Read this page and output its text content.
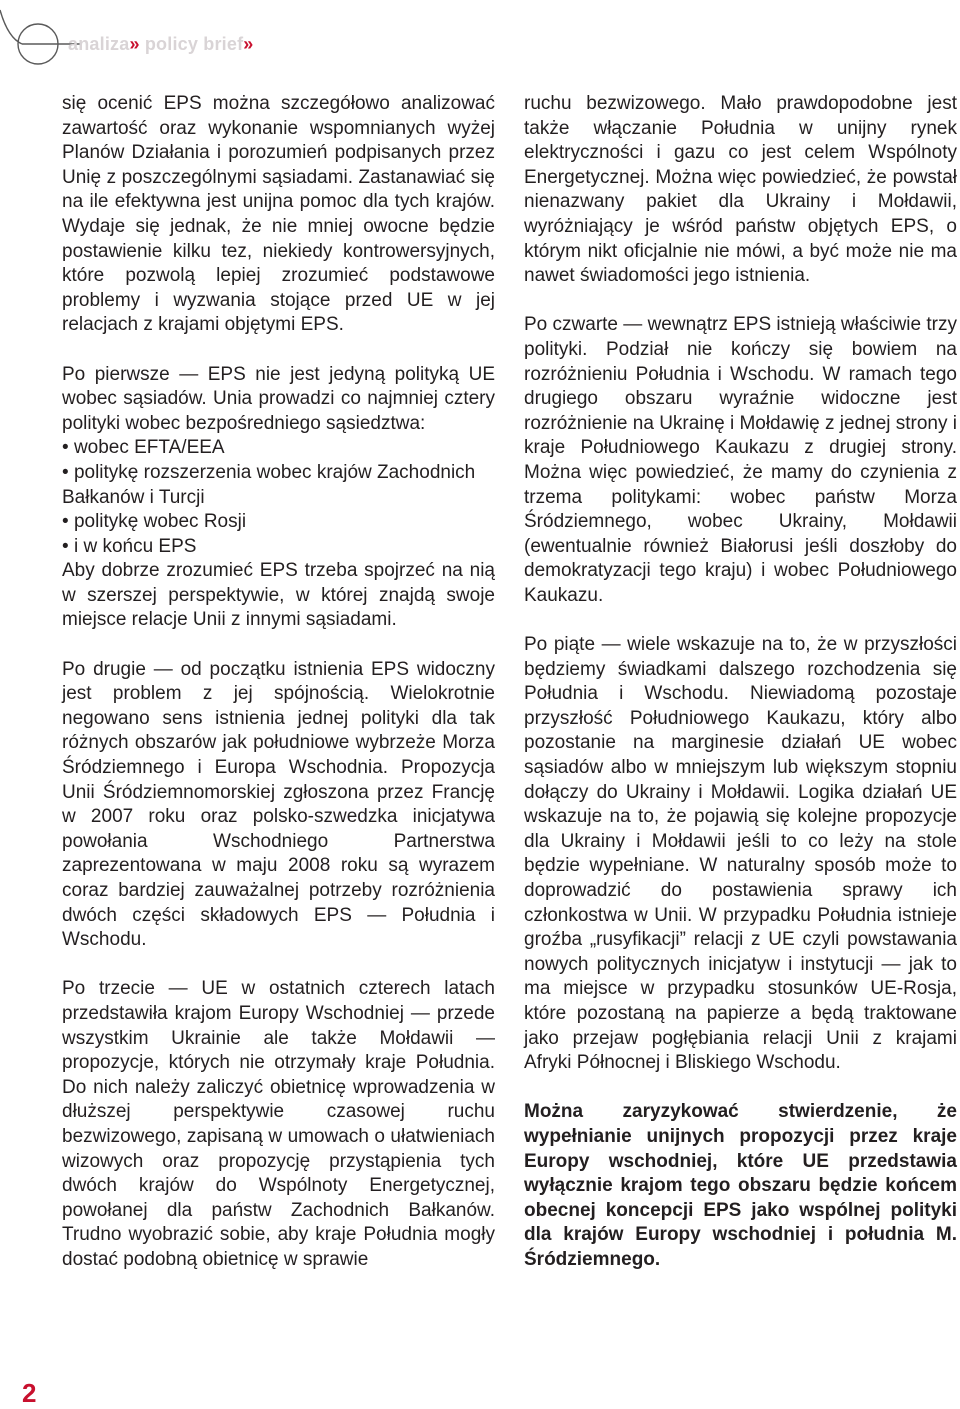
analiza» policy brief»

się ocenić EPS można szczegółowo analizować zawartość oraz wykonanie wspomnianych wyżej Planów Działania i porozumień podpisanych przez Unię z poszczególnymi sąsiadami. Zastanawiać się na ile efektywna jest unijna pomoc dla tych krajów. Wydaje się jednak, że nie mniej owocne będzie postawienie kilku tez, niekiedy kontrowersyjnych, które pozwolą lepiej zrozumieć podstawowe problemy i wyzwania stojące przed UE w jej relacjach z krajami objętymi EPS.

Po pierwsze — EPS nie jest jedyną polityką UE wobec sąsiadów. Unia prowadzi co najmniej cztery polityki wobec bezpośredniego sąsiedztwa:

• wobec EFTA/EEA
• politykę rozszerzenia wobec krajów Zachodnich Bałkanów i Turcji
• politykę wobec Rosji
• i w końcu EPS

Aby dobrze zrozumieć EPS trzeba spojrzeć na nią w szerszej perspektywie, w której znajdą swoje miejsce relacje Unii z innymi sąsiadami.

Po drugie — od początku istnienia EPS widoczny jest problem z jej spójnością. Wielokrotnie negowano sens istnienia jednej polityki dla tak różnych obszarów jak południowe wybrzeże Morza Śródziemnego i Europa Wschodnia. Propozycja Unii Śródziemnomorskiej zgłoszona przez Francję w 2007 roku oraz polsko-szwedzka inicjatywa powołania Wschodniego Partnerstwa zaprezentowana w maju 2008 roku są wyrazem coraz bardziej zauważalnej potrzeby rozróżnienia dwóch części składowych EPS — Południa i Wschodu.

Po trzecie — UE w ostatnich czterech latach przedstawiła krajom Europy Wschodniej — przede wszystkim Ukrainie ale także Mołdawii — propozycje, których nie otrzymały kraje Południa. Do nich należy zaliczyć obietnicę wprowadzenia w dłuższej perspektywie czasowej ruchu bezwizowego, zapisaną w umowach o ułatwieniach wizowych oraz propozycję przystąpienia tych dwóch krajów do Wspólnoty Energetycznej, powołanej dla państw Zachodnich Bałkanów. Trudno wyobrazić sobie, aby kraje Południa mogły dostać podobną obietnicę w sprawie

ruchu bezwizowego. Mało prawdopodobne jest także włączanie Południa w unijny rynek elektryczności i gazu co jest celem Wspólnoty Energetycznej. Można więc powiedzieć, że powstał nienazwany pakiet dla Ukrainy i Mołdawii, wyróżniający je wśród państw objętych EPS, o którym nikt oficjalnie nie mówi, a być może nie ma nawet świadomości jego istnienia.

Po czwarte — wewnątrz EPS istnieją właściwie trzy polityki. Podział nie kończy się bowiem na rozróżnieniu Południa i Wschodu. W ramach tego drugiego obszaru wyraźnie widoczne jest rozróżnienie na Ukrainę i Mołdawię z jednej strony i kraje Południowego Kaukazu z drugiej strony. Można więc powiedzieć, że mamy do czynienia z trzema politykami: wobec państw Morza Śródziemnego, wobec Ukrainy, Mołdawii (ewentualnie również Białorusi jeśli doszłoby do demokratyzacji tego kraju) i wobec Południowego Kaukazu.

Po piąte — wiele wskazuje na to, że w przyszłości będziemy świadkami dalszego rozchodzenia się Południa i Wschodu. Niewiadomą pozostaje przyszłość Południowego Kaukazu, który albo pozostanie na marginesie działań UE wobec sąsiadów albo w mniejszym lub większym stopniu dołączy do Ukrainy i Mołdawii. Logika działań UE wskazuje na to, że pojawią się kolejne propozycje dla Ukrainy i Mołdawii jeśli to co leży na stole będzie wypełniane. W naturalny sposób może to doprowadzić do postawienia sprawy ich członkostwa w Unii. W przypadku Południa istnieje groźba „rusyfikacji” relacji z UE czyli powstawania nowych politycznych inicjatyw i instytucji — jak to ma miejsce w przypadku stosunków UE-Rosja, które pozostaną na papierze a będą traktowane jako przejaw pogłębiania relacji Unii z krajami Afryki Północnej i Bliskiego Wschodu.

Można zaryzykować stwierdzenie, że wypełnianie unijnych propozycji przez kraje Europy wschodniej, które UE przedstawia wyłącznie krajom tego obszaru będzie końcem obecnej koncepcji EPS jako wspólnej polityki dla krajów Europy wschodniej i południa M. Śródziemnego.

2
